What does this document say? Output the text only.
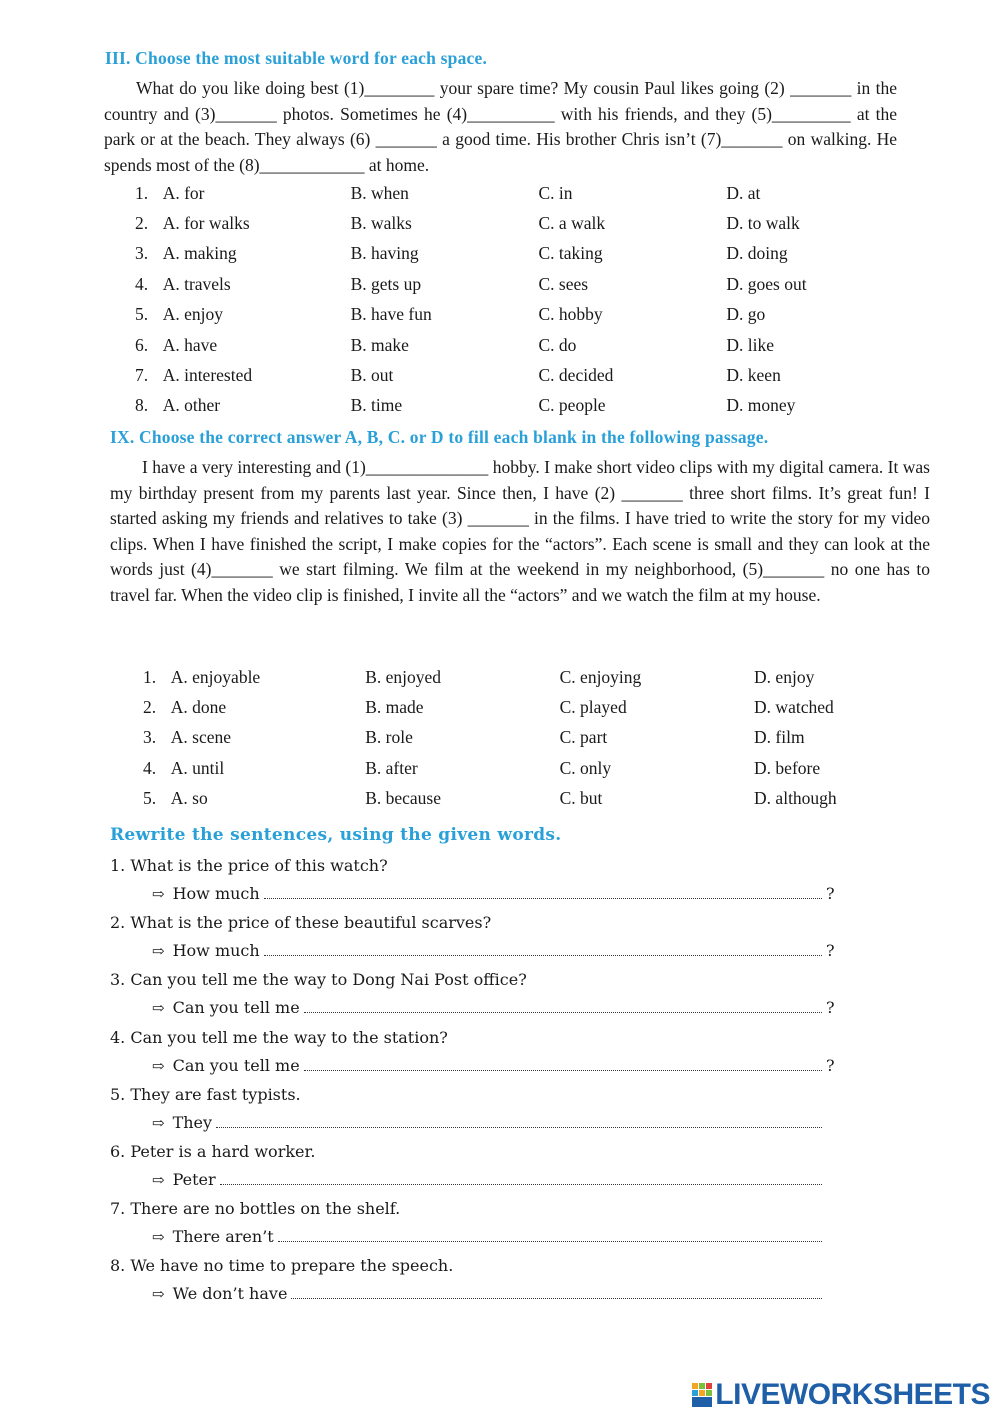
III. Choose the most suitable word for each space.

What do you like doing best (1)________ your spare time? My cousin Paul likes going (2) _______ in the country and (3)_______ photos. Sometimes he (4)__________ with his friends, and they (5)_________ at the park or at the beach. They always (6) _______ a good time. His brother Chris isn’t (7)_______ on walking. He spends most of the (8)____________ at home.

1. A. for	B. when	C. in	D. at
2. A. for walks	B. walks	C. a walk	D. to walk
3. A. making	B. having	C. taking	D. doing
4. A. travels	B. gets up	C. sees	D. goes out
5. A. enjoy	B. have fun	C. hobby	D. go
6. A. have	B. make	C. do	D. like
7. A. interested	B. out	C. decided	D. keen
8. A. other	B. time	C. people	D. money
IX. Choose the correct answer A, B, C. or D to fill each blank in the following passage.

I have a very interesting and (1)______________ hobby. I make short video clips with my digital camera. It was my birthday present from my parents last year. Since then, I have (2) _______ three short films. It’s great fun! I started asking my friends and relatives to take (3) _______ in the films. I have tried to write the story for my video clips. When I have finished the script, I make copies for the “actors”. Each scene is small and they can look at the words just (4)_______ we start filming. We film at the weekend in my neighborhood, (5)_______ no one has to travel far. When the video clip is finished, I invite all the “actors” and we watch the film at my house.

1. A. enjoyable	B. enjoyed	C. enjoying	D. enjoy
2. A. done	B. made	C. played	D. watched
3. A. scene	B. role	C. part	D. film
4. A. until	B. after	C. only	D. before
5. A. so	B. because	C. but	D. although
Rewrite the sentences, using the given words.
1. What is the price of this watch?
⇨ How much	?
2. What is the price of these beautiful scarves?
⇨ How much	?
3. Can you tell me the way to Dong Nai Post office?
⇨ Can you tell me	?
4. Can you tell me the way to the station?
⇨ Can you tell me	?
5. They are fast typists.
⇨ They
6. Peter is a hard worker.
⇨ Peter
7. There are no bottles on the shelf.
⇨ There aren’t
8. We have no time to prepare the speech.
⇨ We don’t have
LIVEWORKSHEETS
